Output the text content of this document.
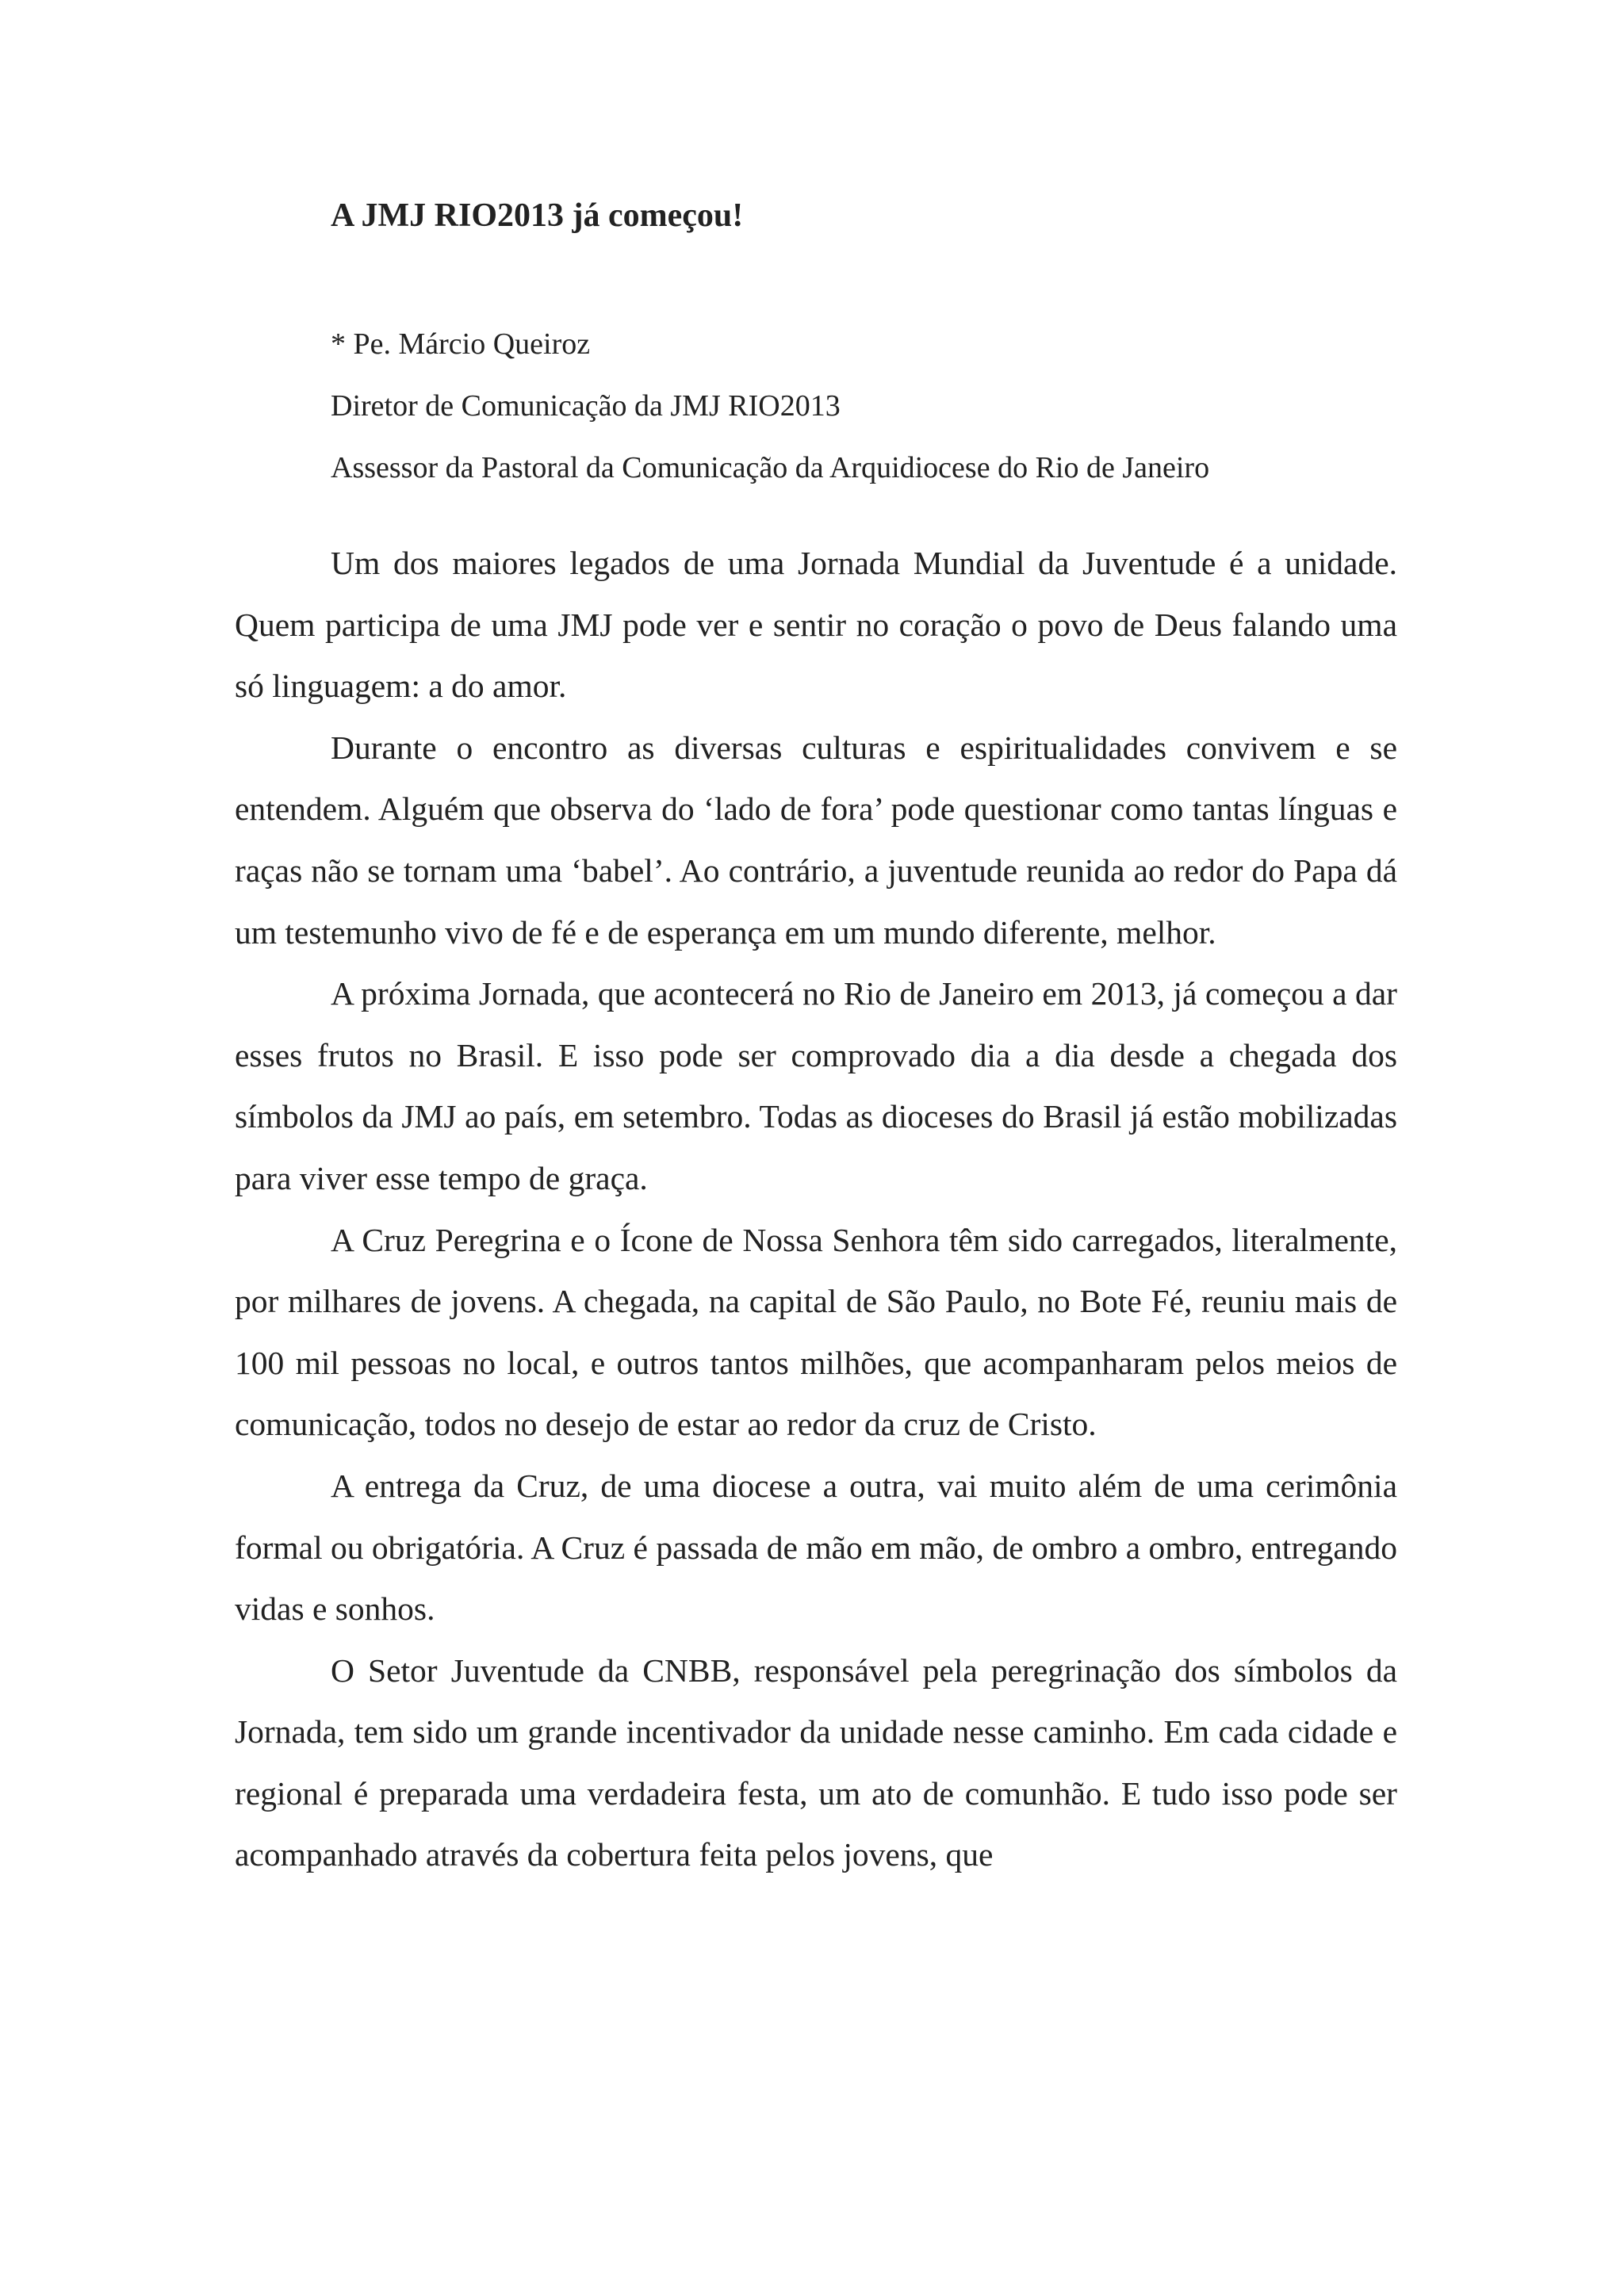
A JMJ RIO2013 já começou!
* Pe. Márcio Queiroz
Diretor de Comunicação da JMJ RIO2013
Assessor da Pastoral da Comunicação da Arquidiocese do Rio de Janeiro

Um dos maiores legados de uma Jornada Mundial da Juventude é a unidade. Quem participa de uma JMJ pode ver e sentir no coração o povo de Deus falando uma só linguagem: a do amor.

Durante o encontro as diversas culturas e espiritualidades convivem e se entendem. Alguém que observa do ‘lado de fora’ pode questionar como tantas línguas e raças não se tornam uma ‘babel’. Ao contrário, a juventude reunida ao redor do Papa dá um testemunho vivo de fé e de esperança em um mundo diferente, melhor.

A próxima Jornada, que acontecerá no Rio de Janeiro em 2013, já começou a dar esses frutos no Brasil. E isso pode ser comprovado dia a dia desde a chegada dos símbolos da JMJ ao país, em setembro. Todas as dioceses do Brasil já estão mobilizadas para viver esse tempo de graça.

A Cruz Peregrina e o Ícone de Nossa Senhora têm sido carregados, literalmente, por milhares de jovens. A chegada, na capital de São Paulo, no Bote Fé, reuniu mais de 100 mil pessoas no local, e outros tantos milhões, que acompanharam pelos meios de comunicação, todos no desejo de estar ao redor da cruz de Cristo.

A entrega da Cruz, de uma diocese a outra, vai muito além de uma cerimônia formal ou obrigatória. A Cruz é passada de mão em mão, de ombro a ombro, entregando vidas e sonhos.

O Setor Juventude da CNBB, responsável pela peregrinação dos símbolos da Jornada, tem sido um grande incentivador da unidade nesse caminho. Em cada cidade e regional é preparada uma verdadeira festa, um ato de comunhão. E tudo isso pode ser acompanhado através da cobertura feita pelos jovens, que
